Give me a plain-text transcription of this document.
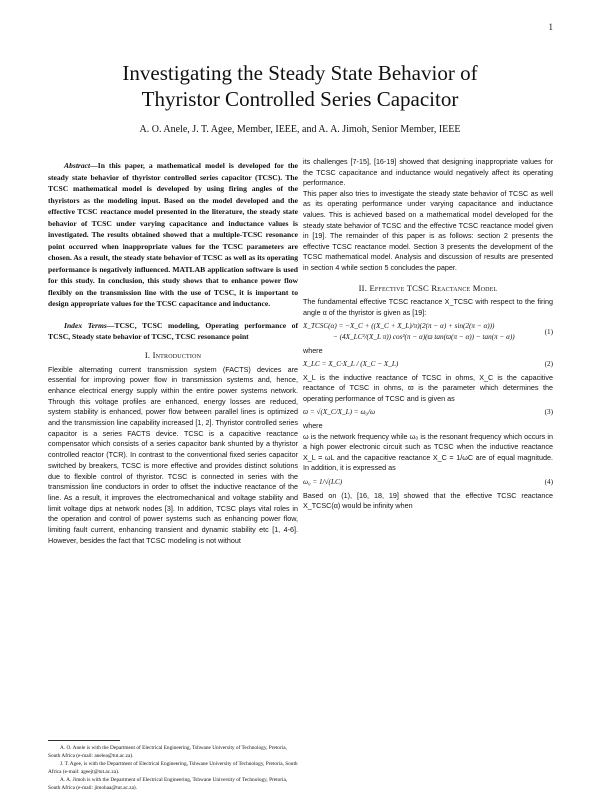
1
Investigating the Steady State Behavior of
Thyristor Controlled Series Capacitor
A. O. Anele, J. T. Agee, Member, IEEE, and A. A. Jimoh, Senior Member, IEEE

Abstract—In this paper, a mathematical model is developed for the steady state behavior of thyristor controlled series capacitor (TCSC). The TCSC mathematical model is developed by using firing angles of the thyristors as the modeling input. Based on the model developed and the effective TCSC reactance model presented in the literature, the steady state behavior of TCSC under varying capacitance and inductance values is investigated. The results obtained showed that a multiple-TCSC resonance point occurred when inappropriate values for the TCSC parameters are chosen. As a result, the steady state behavior of TCSC as well as its operating performance is negatively influenced. MATLAB application software is used for this study. In conclusion, this study shows that to enhance power flow flexibly on the transmission line with the use of TCSC, it is important to design appropriate values for the TCSC capacitance and inductance.

Index Terms—TCSC, TCSC modeling, Operating performance of TCSC, Steady state behavior of TCSC, TCSC resonance point

I. Introduction

Flexible alternating current transmission system (FACTS) devices are essential for improving power flow in transmission systems and, hence, enhance electrical energy supply within the entire power systems network. Through this voltage profiles are enhanced, energy losses are reduced, system stability is enhanced, power flow between parallel lines is optimized and the transmission line capability increased [1, 2]. Thyristor controlled series capacitor is a series FACTS device. TCSC is a capacitive reactance compensator which consists of a series capacitor bank shunted by a thyristor controlled reactor (TCR). In contrast to the conventional fixed series capacitor switched by breakers, TCSC is more effective and provides distinct solutions due to flexible control of thyristor. TCSC is connected in series with the transmission line conductors in order to offset the inductive reactance of the line. As a result, it improves the electromechanical and voltage stability and limit voltage dips at network nodes [3]. In addition, TCSC plays vital roles in the operation and control of power systems such as enhancing power flow, limiting fault current, enhancing transient and dynamic stability etc [1, 4-6]. However, besides the fact that TCSC modeling is not without

A. O. Anele is with the Department of Electrical Engineering, Tshwane University of Technology, Pretoria, South Africa (e-mail: anelea@tut.ac.za).

J. T. Agee, is with the Department of Electrical Engineering, Tshwane University of Technology, Pretoria, South Africa (e-mail: ageejt@tut.ac.za).

A. A. Jimoh is with the Department of Electrical Engineering, Tshwane University of Technology, Pretoria, South Africa (e-mail: jimohaa@tut.ac.za).

its challenges [7-15], [16-19] showed that designing inappropriate values for the TCSC capacitance and inductance would negatively affect its operating performance.

This paper also tries to investigate the steady state behavior of TCSC as well as its operating performance under varying capacitance and inductance values. This is achieved based on a mathematical model developed for the steady state behavior of TCSC and the effective TCSC reactance model given in [19]. The remainder of this paper is as follows: section 2 presents the effective TCSC reactance model. Section 3 presents the development of the TCSC mathematical model. Analysis and discussion of results are presented in section 4 while section 5 concludes the paper.

II. Effective TCSC Reactance Model

The fundamental effective TCSC reactance X_TCSC with respect to the firing angle α of the thyristor is given as [19]:

X_TCSC(α) = −X_C + ((X_C + X_L)/π)(2(π − α) + sin(2(π − α)))
− (4X_LC²/(X_L π)) cos²(π − α)(ϖ tan(ϖ(π − α)) − tan(π − α))
(1)

where

X_LC = X_C·X_L / (X_C − X_L)	(2)

X_L is the inductive reactance of TCSC in ohms, X_C is the capacitive reactance of TCSC in ohms, ϖ is the parameter which determines the operating performance of TCSC and is given as

ϖ = √(X_C/X_L) = ω₀/ω	(3)

where

ω is the network frequency while ω₀ is the resonant frequency which occurs in a high power electronic circuit such as TCSC when the inductive reactance X_L = ωL and the capacitive reactance X_C = 1/ωC are of equal magnitude. In addition, it is expressed as

ω₀ = 1/√(LC)	(4)

Based on (1), [16, 18, 19] showed that the effective TCSC reactance X_TCSC(α) would be infinity when
